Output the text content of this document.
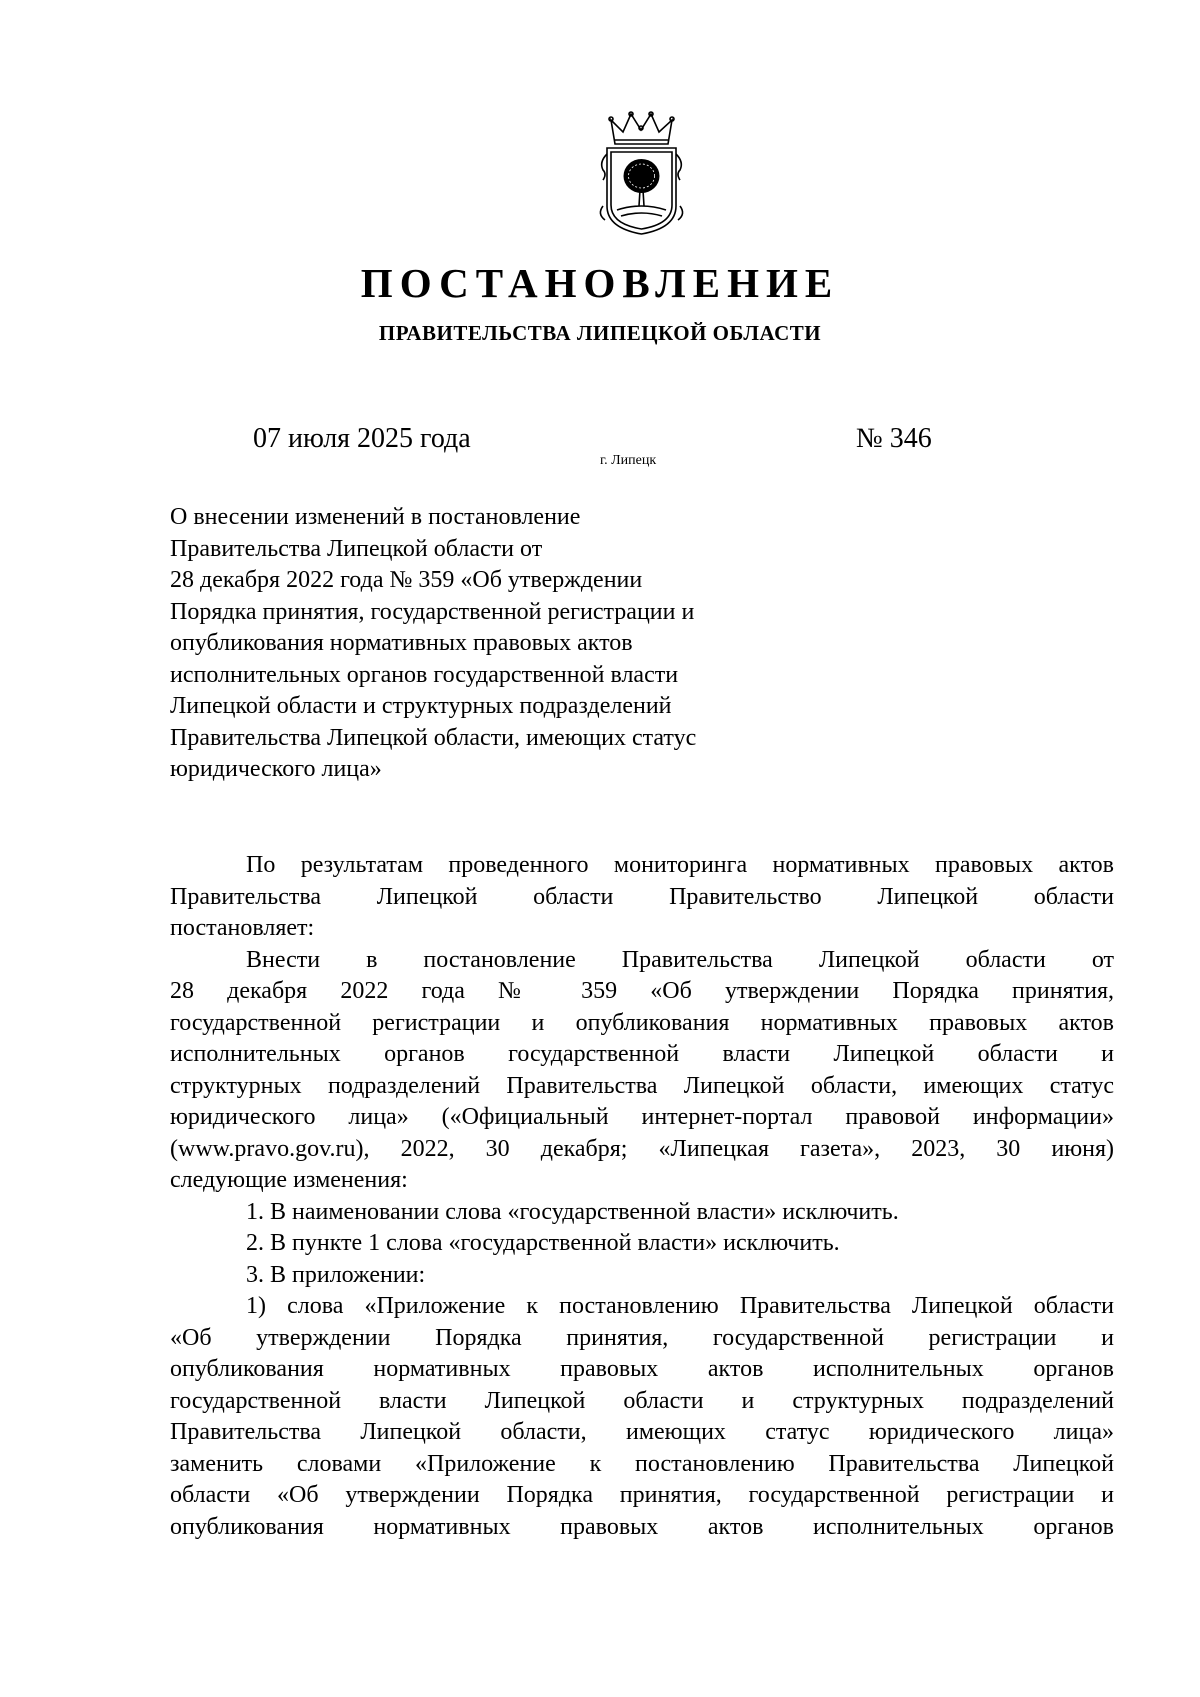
ПОСТАНОВЛЕНИЕ
ПРАВИТЕЛЬСТВА ЛИПЕЦКОЙ ОБЛАСТИ
07 июля 2025 года
г. Липецк
№ 346
О внесении изменений в постановление
Правительства Липецкой области от
28 декабря 2022 года № 359 «Об утверждении
Порядка принятия, государственной регистрации и
опубликования нормативных правовых актов
исполнительных органов государственной власти
Липецкой области и структурных подразделений
Правительства Липецкой области, имеющих статус
юридического лица»
По результатам проведенного мониторинга нормативных правовых актов
Правительства Липецкой области Правительство Липецкой области
постановляет:
Внести в постановление Правительства Липецкой области от
28 декабря 2022 года № 359 «Об утверждении Порядка принятия,
государственной регистрации и опубликования нормативных правовых актов
исполнительных органов государственной власти Липецкой области и
структурных подразделений Правительства Липецкой области, имеющих статус
юридического лица» («Официальный интернет-портал правовой информации»
(www.pravo.gov.ru), 2022, 30 декабря; «Липецкая газета», 2023, 30 июня)
следующие изменения:
1. В наименовании слова «государственной власти» исключить.
2. В пункте 1 слова «государственной власти» исключить.
3. В приложении:
1) слова «Приложение к постановлению Правительства Липецкой области
«Об утверждении Порядка принятия, государственной регистрации и
опубликования нормативных правовых актов исполнительных органов
государственной власти Липецкой области и структурных подразделений
Правительства Липецкой области, имеющих статус юридического лица»
заменить словами «Приложение к постановлению Правительства Липецкой
области «Об утверждении Порядка принятия, государственной регистрации и
опубликования нормативных правовых актов исполнительных органов
